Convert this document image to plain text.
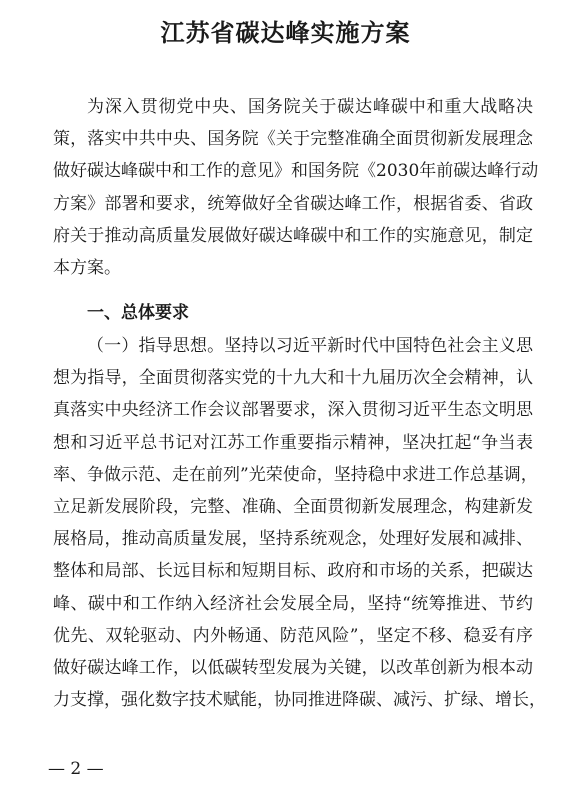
江苏省碳达峰实施方案
为深入贯彻党中央、国务院关于碳达峰碳中和重大战略决
策，落实中共中央、国务院《关于完整准确全面贯彻新发展理念
做好碳达峰碳中和工作的意见》和国务院《2030年前碳达峰行动
方案》部署和要求，统筹做好全省碳达峰工作，根据省委、省政
府关于推动高质量发展做好碳达峰碳中和工作的实施意见，制定
本方案。
一、总体要求
（一）指导思想。坚持以习近平新时代中国特色社会主义思
想为指导，全面贯彻落实党的十九大和十九届历次全会精神，认
真落实中央经济工作会议部署要求，深入贯彻习近平生态文明思
想和习近平总书记对江苏工作重要指示精神，坚决扛起“争当表
率、争做示范、走在前列”光荣使命，坚持稳中求进工作总基调，
立足新发展阶段，完整、准确、全面贯彻新发展理念，构建新发
展格局，推动高质量发展，坚持系统观念，处理好发展和减排、
整体和局部、长远目标和短期目标、政府和市场的关系，把碳达
峰、碳中和工作纳入经济社会发展全局，坚持“统筹推进、节约
优先、双轮驱动、内外畅通、防范风险”，坚定不移、稳妥有序
做好碳达峰工作，以低碳转型发展为关键，以改革创新为根本动
力支撑，强化数字技术赋能，协同推进降碳、减污、扩绿、增长，
— 2 —
